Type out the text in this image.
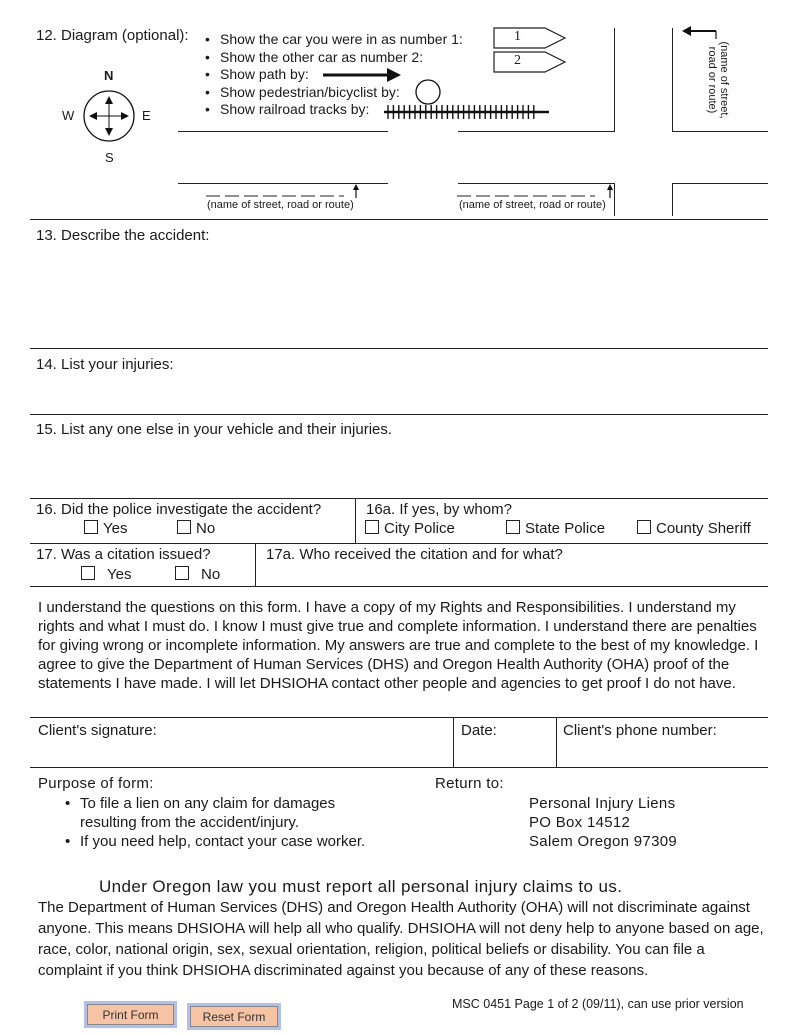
12. Diagram (optional):
• Show the car you were in as number 1:
• Show the other car as number 2:
• Show path by:
• Show pedestrian/bicyclist by:
• Show railroad tracks by:
1
2
N
S
E
W
(name of street, road or route)	(name of street, road or route)
(name of street, road or route)
13. Describe the accident:
14. List your injuries:
15. List any one else in your vehicle and their injuries.
16. Did the police investigate the accident?
Yes	No
16a. If yes, by whom?
City Police	State Police	County Sheriff
17. Was a citation issued?
Yes	No
17a. Who received the citation and for what?
I understand the questions on this form. I have a copy of my Rights and Responsibilities. I understand my rights and what I must do. I know I must give true and complete information. I understand there are penalties for giving wrong or incomplete information. My answers are true and complete to the best of my knowledge. I agree to give the Department of Human Services (DHS) and Oregon Health Authority (OHA) proof of the statements I have made. I will let DHSIOHA contact other people and agencies to get proof I do not have.
Client's signature:	Date:	Client's phone number:
Purpose of form:
• To file a lien on any claim for damages resulting from the accident/injury.
• If you need help, contact your case worker.
Return to:
Personal Injury Liens
PO Box 14512
Salem Oregon 97309
Under Oregon law you must report all personal injury claims to us.
The Department of Human Services (DHS) and Oregon Health Authority (OHA) will not discriminate against anyone. This means DHSIOHA will help all who qualify. DHSIOHA will not deny help to anyone based on age, race, color, national origin, sex, sexual orientation, religion, political beliefs or disability. You can file a complaint if you think DHSIOHA discriminated against you because of any of these reasons.
Print Form	Reset Form
MSC 0451 Page 1 of 2 (09/11), can use prior version
